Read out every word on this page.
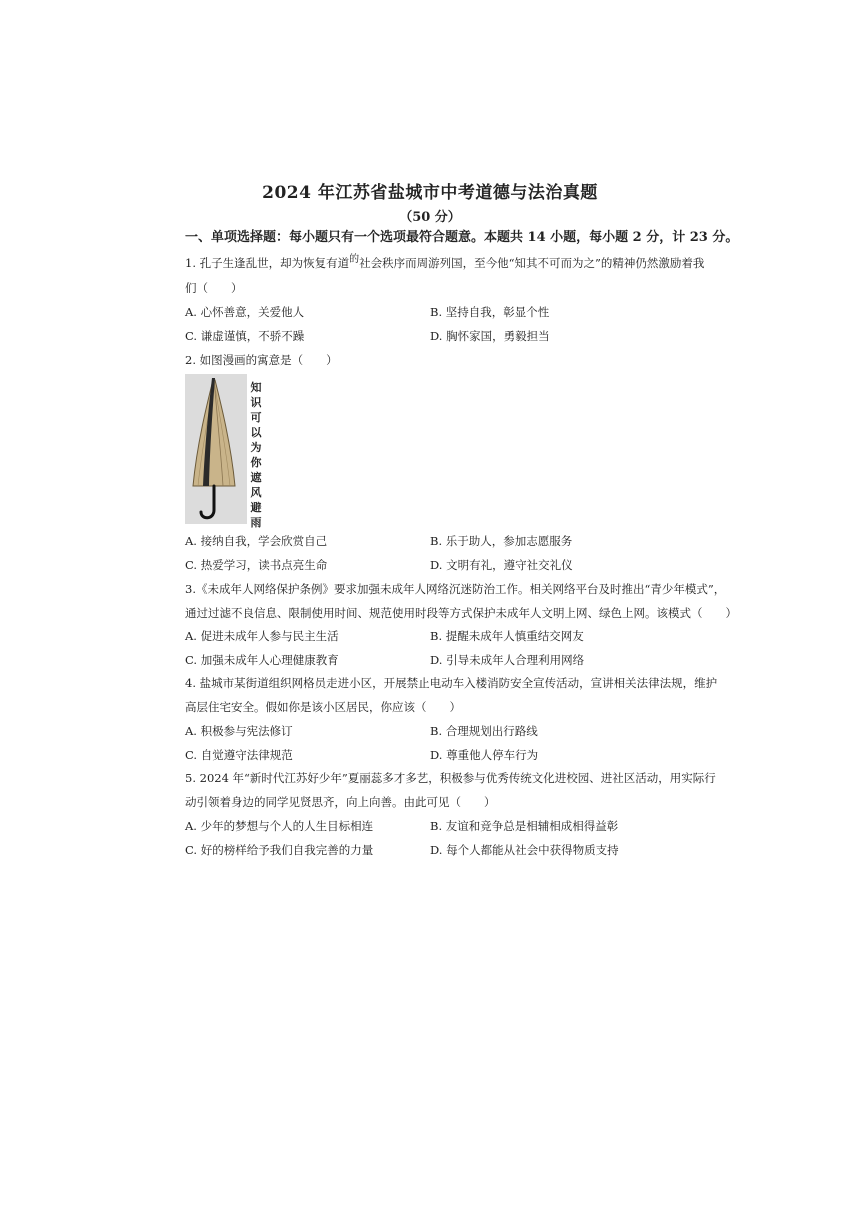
2024 年江苏省盐城市中考道德与法治真题
（50 分）
一、单项选择题：每小题只有一个选项最符合题意。本题共 14 小题，每小题 2 分，计 23 分。
1. 孔子生逢乱世，却为恢复有道的社会秩序而周游列国，至今他“知其不可而为之”的精神仍然激励着我
们（　　）
A. 心怀善意，关爱他人	B. 坚持自我，彰显个性
C. 谦虚谨慎，不骄不躁	D. 胸怀家国，勇毅担当
2. 如图漫画的寓意是（　　）
知
识
可
以
为
你
遮
风
避
雨
A. 接纳自我，学会欣赏自己	B. 乐于助人，参加志愿服务
C. 热爱学习，读书点亮生命	D. 文明有礼，遵守社交礼仪
3.《未成年人网络保护条例》要求加强未成年人网络沉迷防治工作。相关网络平台及时推出“青少年模式”，
通过过滤不良信息、限制使用时间、规范使用时段等方式保护未成年人文明上网、绿色上网。该模式（　　）
A. 促进未成年人参与民主生活	B. 提醒未成年人慎重结交网友
C. 加强未成年人心理健康教育	D. 引导未成年人合理利用网络
4. 盐城市某街道组织网格员走进小区，开展禁止电动车入楼消防安全宣传活动，宣讲相关法律法规，维护
高层住宅安全。假如你是该小区居民，你应该（　　）
A. 积极参与宪法修订	B. 合理规划出行路线
C. 自觉遵守法律规范	D. 尊重他人停车行为
5. 2024 年“新时代江苏好少年”夏丽蕊多才多艺，积极参与优秀传统文化进校园、进社区活动，用实际行
动引领着身边的同学见贤思齐，向上向善。由此可见（　　）
A. 少年的梦想与个人的人生目标相连	B. 友谊和竞争总是相辅相成相得益彰
C. 好的榜样给予我们自我完善的力量	D. 每个人都能从社会中获得物质支持
